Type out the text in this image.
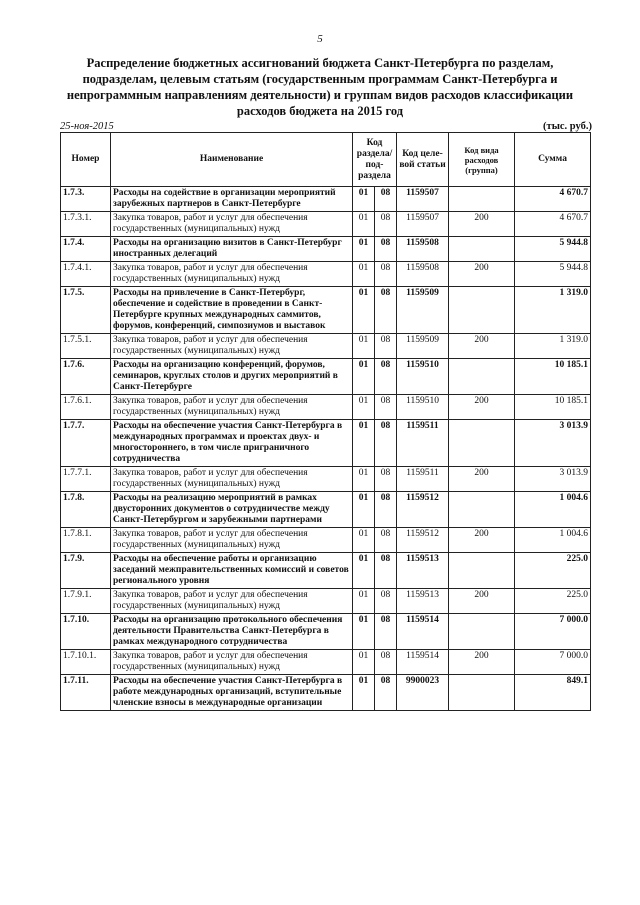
5
Распределение бюджетных ассигнований бюджета Санкт-Петербурга по разделам, подразделам, целевым статьям (государственным программам Санкт-Петербурга и непрограммным направлениям деятельности) и группам видов расходов классификации расходов бюджета на 2015 год
25-ноя-2015	(тыс. руб.)
Номер	Наименование	Код раздела/ под-раздела		Код целе-вой статьи	Код вида расходов (группа)	Сумма
1.7.3.	Расходы на содействие в организации мероприятий зарубежных партнеров в Санкт-Петербурге	01	08	1159507		4 670.7
1.7.3.1.	Закупка товаров, работ и услуг для обеспечения государственных (муниципальных) нужд	01	08	1159507	200	4 670.7
1.7.4.	Расходы на организацию визитов в Санкт-Петербург иностранных делегаций	01	08	1159508		5 944.8
1.7.4.1.	Закупка товаров, работ и услуг для обеспечения государственных (муниципальных) нужд	01	08	1159508	200	5 944.8
1.7.5.	Расходы на привлечение в Санкт-Петербург, обеспечение и содействие в проведении в Санкт-Петербурге крупных международных саммитов, форумов, конференций, симпозиумов и выставок	01	08	1159509		1 319.0
1.7.5.1.	Закупка товаров, работ и услуг для обеспечения государственных (муниципальных) нужд	01	08	1159509	200	1 319.0
1.7.6.	Расходы на организацию конференций, форумов, семинаров, круглых столов и других мероприятий в Санкт-Петербурге	01	08	1159510		10 185.1
1.7.6.1.	Закупка товаров, работ и услуг для обеспечения государственных (муниципальных) нужд	01	08	1159510	200	10 185.1
1.7.7.	Расходы на обеспечение участия Санкт-Петербурга в международных программах и проектах двух- и многостороннего, в том числе приграничного сотрудничества	01	08	1159511		3 013.9
1.7.7.1.	Закупка товаров, работ и услуг для обеспечения государственных (муниципальных) нужд	01	08	1159511	200	3 013.9
1.7.8.	Расходы на реализацию мероприятий в рамках двусторонних документов о сотрудничестве между Санкт-Петербургом и зарубежными партнерами	01	08	1159512		1 004.6
1.7.8.1.	Закупка товаров, работ и услуг для обеспечения государственных (муниципальных) нужд	01	08	1159512	200	1 004.6
1.7.9.	Расходы на обеспечение работы и организацию заседаний межправительственных комиссий и советов регионального уровня	01	08	1159513		225.0
1.7.9.1.	Закупка товаров, работ и услуг для обеспечения государственных (муниципальных) нужд	01	08	1159513	200	225.0
1.7.10.	Расходы на организацию протокольного обеспечения деятельности Правительства Санкт-Петербурга в рамках международного сотрудничества	01	08	1159514		7 000.0
1.7.10.1.	Закупка товаров, работ и услуг для обеспечения государственных (муниципальных) нужд	01	08	1159514	200	7 000.0
1.7.11.	Расходы на обеспечение участия Санкт-Петербурга в работе международных организаций, вступительные членские взносы в международные организации	01	08	9900023		849.1
